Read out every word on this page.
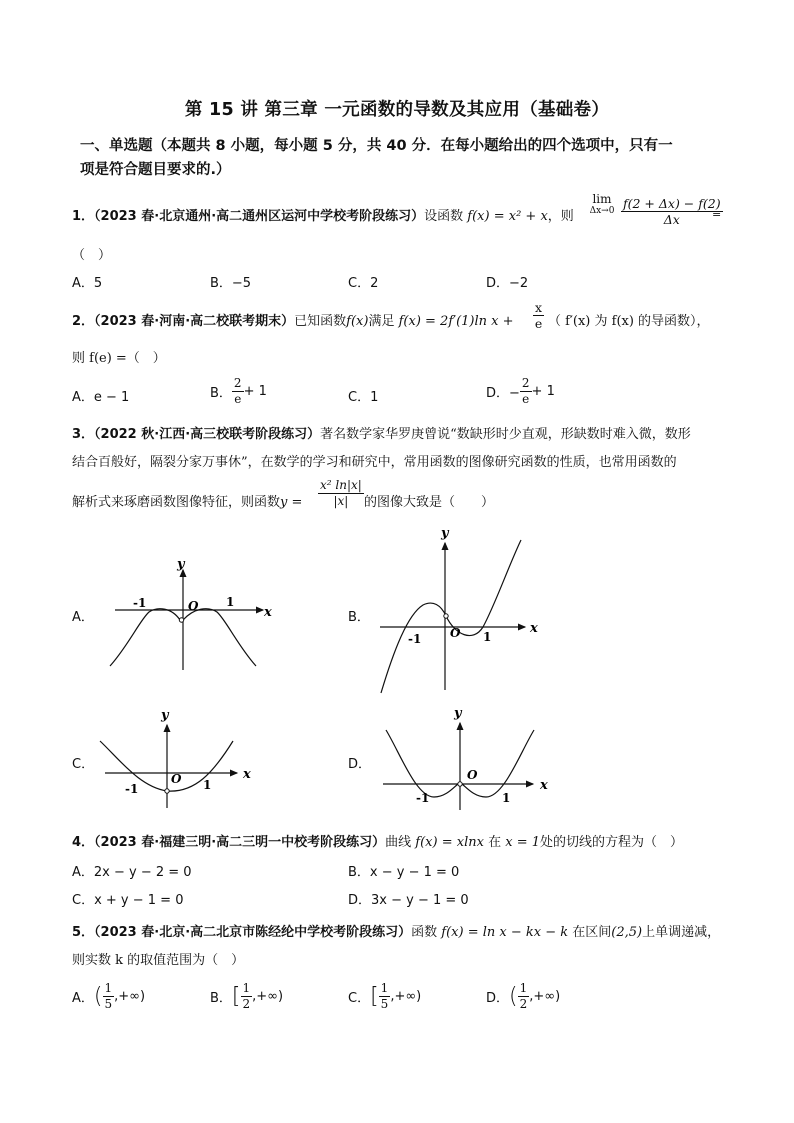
第 15 讲 第三章 一元函数的导数及其应用（基础卷）
一、单选题（本题共 8 小题，每小题 5 分，共 40 分．在每小题给出的四个选项中，只有一
项是符合题目要求的.）
1．（2023 春·北京通州·高二通州区运河中学校考阶段练习）设函数 f(x) = x² + x，则
lim
$\Delta x\to 0 \frac{f(2 + \Delta x) - f(2)}{\Delta x}$
=
（　）
A．5	B．−5	C．2	D．−2
2．（2023 春·河南·高二校联考期末）已知函数f(x)满足 f(x) = 2f′(1)ln $x + \frac{x}{e}$ （ f′(x) 为 f(x) 的导函数），
则 f(e) =（　）
A．e − 1	B． $\frac{2}{e} + 1$	C．1	D．− $\frac{2}{e} + 1$
3．（2022 秋·江西·高三校联考阶段练习）著名数学家华罗庚曾说“数缺形时少直观，形缺数时难入微，数形
结合百般好，隔裂分家万事休”，在数学的学习和研究中，常用函数的图像研究函数的性质，也常用函数的
解析式来琢磨函数图像特征，则函数$y = \frac{\text{x² ln|x|}}{|x|}$ 的图像大致是（　　）
A．	B．
C．	D．
y
x
O
-1	1
y
x
O
-1	1
y
x
O
-1	1
y
x
O
-1	1
4．（2023 春·福建三明·高二三明一中校考阶段练习）曲线 f(x) = xlnx 在 x = 1处的切线的方程为（　）
A．2x − y − 2 = 0	B．x − y − 1 = 0
C．x + y − 1 = 0	D．3x − y − 1 = 0
5．（2023 春·北京·高二北京市陈经纶中学校考阶段练习）函数 f(x) = ln x − kx − k 在区间(2,5)上单调递减，
则实数 k 的取值范围为（　）
A．( $\frac{1}{5}$ ,+∞)	B．[ $\frac{1}{2}$ ,+∞)	C．[ $\frac{1}{5}$ ,+∞)	D．( $\frac{1}{2}$ ,+∞)
